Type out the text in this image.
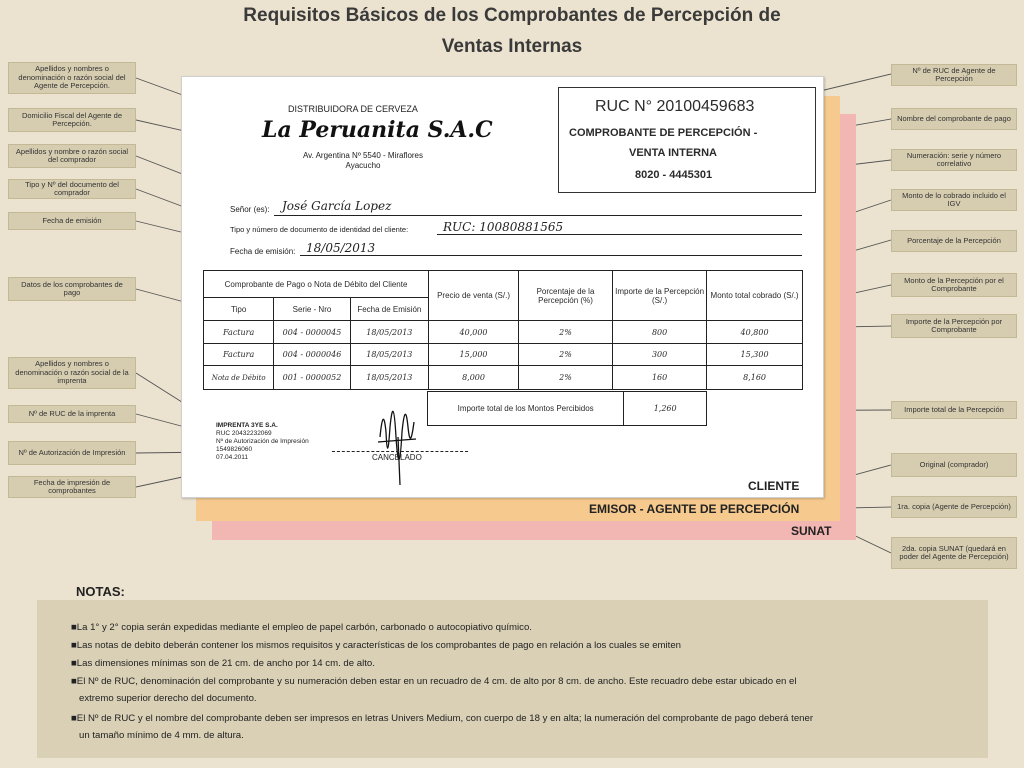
Requisitos Básicos de los Comprobantes de Percepción de
Ventas Internas
Apellidos y nombres o denominación o razón social del Agente de Percepción.
Domicilio Fiscal del Agente de Percepción.
Apellidos y nombre o razón social del comprador
Tipo y Nº del documento del comprador
Fecha de emisión
Datos de los comprobantes de pago
Apellidos y nombres o denominación o razón social de la imprenta
Nº de RUC de la imprenta
Nº de Autorización de Impresión
Fecha de impresión de comprobantes
Nº de RUC de Agente de Percepción
Nombre del comprobante de pago
Numeración: serie y número correlativo
Monto de lo cobrado incluido el IGV
Porcentaje de la Percepción
Monto de la Percepción por el Comprobante
Importe de la Percepción por Comprobante
Importe total de la Percepción
Original (comprador)
1ra. copia (Agente de Percepción)
2da. copia SUNAT (quedará en poder del Agente de Percepción)
EMISOR - AGENTE DE PERCEPCIÓN
SUNAT
DISTRIBUIDORA DE CERVEZA
La Peruanita S.A.C
Av. Argentina Nº 5540 - Miraflores
Ayacucho
RUC N° 20100459683
COMPROBANTE DE PERCEPCIÓN -
VENTA INTERNA
8020 - 4445301
Señor (es): José García Lopez
Tipo y número de documento de identidad del cliente:	RUC: 10080881565
Fecha de emisión: 18/05/2013
Comprobante de Pago o Nota de Débito del Cliente			Precio de venta (S/.)	Porcentaje de la Percepción (%)	Importe de la Percepción (S/.)	Monto total cobrado (S/.)
Tipo	Serie - Nro	Fecha de Emisión				
Factura	004 - 0000045	18/05/2013	40,000	2%	800	40,800
Factura	004 - 0000046	18/05/2013	15,000	2%	300	15,300
Nota de Débito	001 - 0000052	18/05/2013	8,000	2%	160	8,160
Importe total de los Montos Percibidos	1,260
IMPRENTA 3YE S.A.
RUC 20432232069
Nº de Autorización de Impresión
1549826060
07.04.2011	CANCELADO
CLIENTE
NOTAS:
■La 1° y 2° copia serán expedidas mediante el empleo de papel carbón, carbonado o autocopiativo químico.
■Las notas de debito deberán contener los mismos requisitos y características de los comprobantes de pago en relación a los cuales se emiten
■Las dimensiones mínimas son de 21 cm. de ancho por 14 cm. de alto.
■El Nº de RUC, denominación del comprobante y su numeración deben estar en un recuadro de 4 cm. de alto por 8 cm. de ancho. Este recuadro debe estar ubicado en el
extremo superior derecho del documento.
■El Nº de RUC y el nombre del comprobante deben ser impresos en letras Univers Medium, con cuerpo de 18 y en alta; la numeración del comprobante de pago deberá tener
un tamaño mínimo de 4 mm. de altura.
